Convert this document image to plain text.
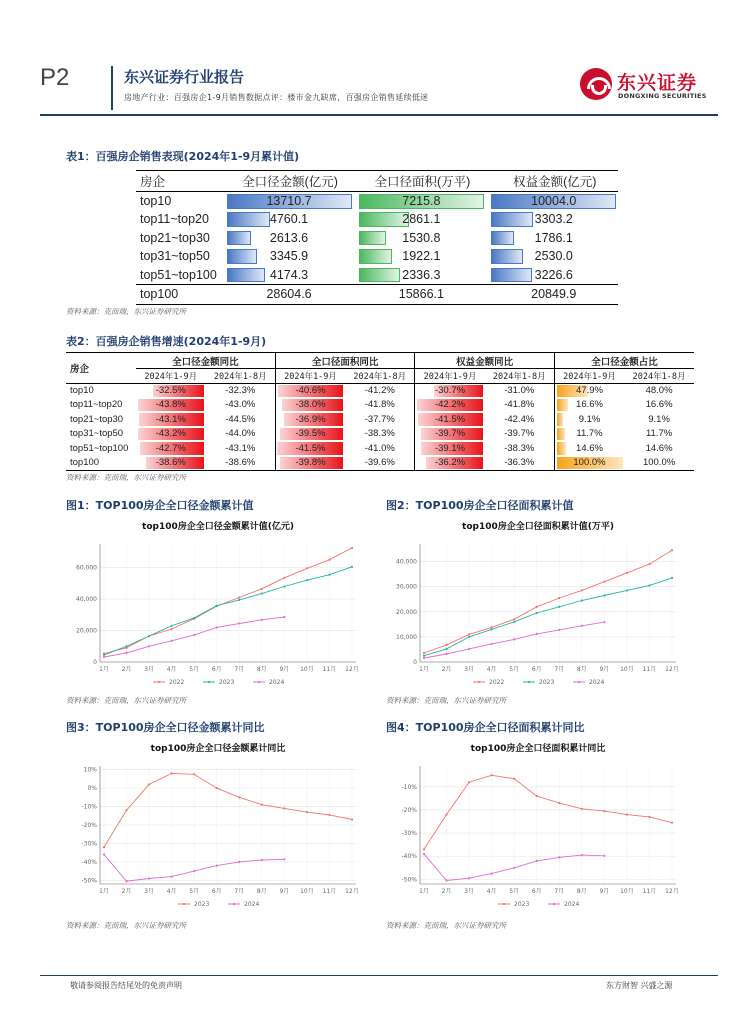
P2	东兴证券行业报告
房地产行业：百强房企1-9月销售数据点评：楼市金九缺席，百强房企销售延续低迷
东兴证券
DONGXING SECURITIES
表1：百强房企销售表现(2024年1-9月累计值)
房企	全口径金额(亿元)		全口径面积(万平)		权益金额(亿元)
top10	13710.7		7215.8		10004.0
top11~top20	4760.1		2861.1		3303.2
top21~top30	2613.6		1530.8		1786.1
top31~top50	3345.9		1922.1		2530.0
top51~top100	4174.3		2336.3		3226.6
top100	28604.6		15866.1		20849.9
资料来源：克而瑞，东兴证券研究所
表2：百强房企销售增速(2024年1-9月)
房企	全口径金额同比		全口径面积同比		权益金额同比		全口径金额占比	
	2024年1-9月	2024年1-8月	2024年1-9月	2024年1-8月	2024年1-9月	2024年1-8月	2024年1-9月	2024年1-8月
top10	-32.5%	-32.3%	-40.6%	-41.2%	-30.7%	-31.0%	47.9%	48.0%
top11~top20	-43.8%	-43.0%	-38.0%	-41.8%	-42.2%	-41.8%	16.6%	16.6%
top21~top30	-43.1%	-44.5%	-36.9%	-37.7%	-41.5%	-42.4%	9.1%	9.1%
top31~top50	-43.2%	-44.0%	-39.5%	-38.3%	-39.7%	-39.7%	11.7%	11.7%
top51~top100	-42.7%	-43.1%	-41.5%	-41.0%	-39.1%	-38.3%	14.6%	14.6%
top100	-38.6%	-38.6%	-39.8%	-39.6%	-36.2%	-36.3%	100.0%	100.0%
资料来源：克而瑞，东兴证券研究所
图1：TOP100房企全口径金额累计值	图2：TOP100房企全口径面积累计值
图3：TOP100房企全口径金额累计同比	图4：TOP100房企全口径面积累计同比
top100房企全口径金额累计值(亿元)
0
20,000
40,000
60,000
1月 2月 3月 4月 5月 6月 7月 8月 9月 10月 11月 12月
2022	2023	2024
top100房企全口径面积累计值(万平)
0
10,000
20,000
30,000
40,000
1月 2月 3月 4月 5月 6月 7月 8月 9月 10月 11月 12月
2022	2023	2024
top100房企全口径金额累计同比
-50%
-40%
-30%
-20%
-10%
0%
10%
1月 2月 3月 4月 5月 6月 7月 8月 9月 10月 11月 12月
2023	2024
top100房企全口径面积累计同比
-50%
-40%
-30%
-20%
-10%
1月 2月 3月 4月 5月 6月 7月 8月 9月 10月 11月 12月
2023	2024
资料来源：克而瑞，东兴证券研究所	资料来源：克而瑞，东兴证券研究所
资料来源：克而瑞，东兴证券研究所	资料来源：克而瑞，东兴证券研究所
敬请参阅报告结尾处的免责声明	东方财智 兴盛之源
